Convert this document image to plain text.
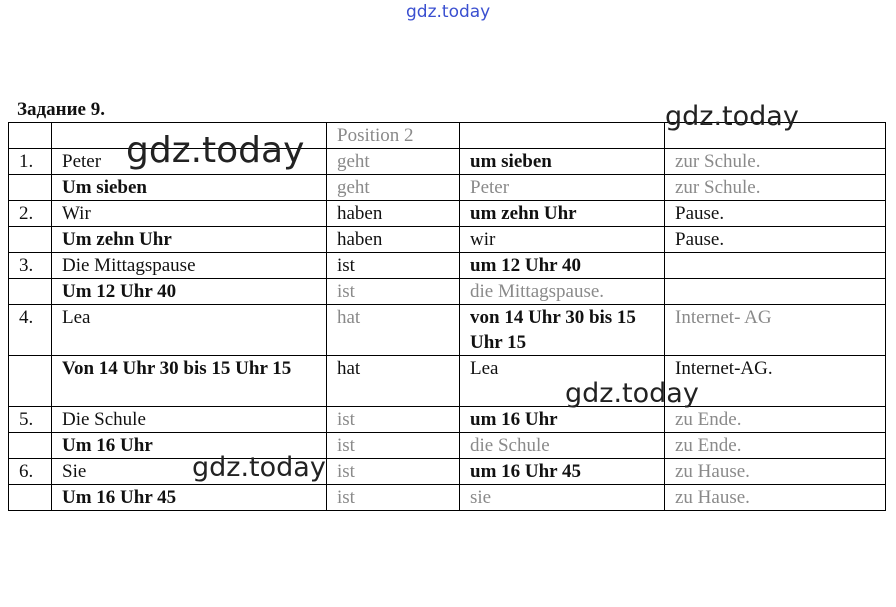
gdz.today
Задание 9.
		Position 2		
1.	Peter	geht	um sieben	zur Schule.
	Um sieben	geht	Peter	zur Schule.
2.	Wir	haben	um zehn Uhr	Pause.
	Um zehn Uhr	haben	wir	Pause.
3.	Die Mittagspause	ist	um 12 Uhr 40	
	Um 12 Uhr 40	ist	die Mittagspause.	
4.	Lea	hat	von 14 Uhr 30 bis 15 Uhr 15	Internet- AG
	Von 14 Uhr 30 bis 15 Uhr 15	hat	Lea	Internet-AG.
5.	Die Schule	ist	um 16 Uhr	zu Ende.
	Um 16 Uhr	ist	die Schule	zu Ende.
6.	Sie	ist	um 16 Uhr 45	zu Hause.
	Um 16 Uhr 45	ist	sie	zu Hause.
gdz.today
gdz.today
gdz.today
gdz.today
